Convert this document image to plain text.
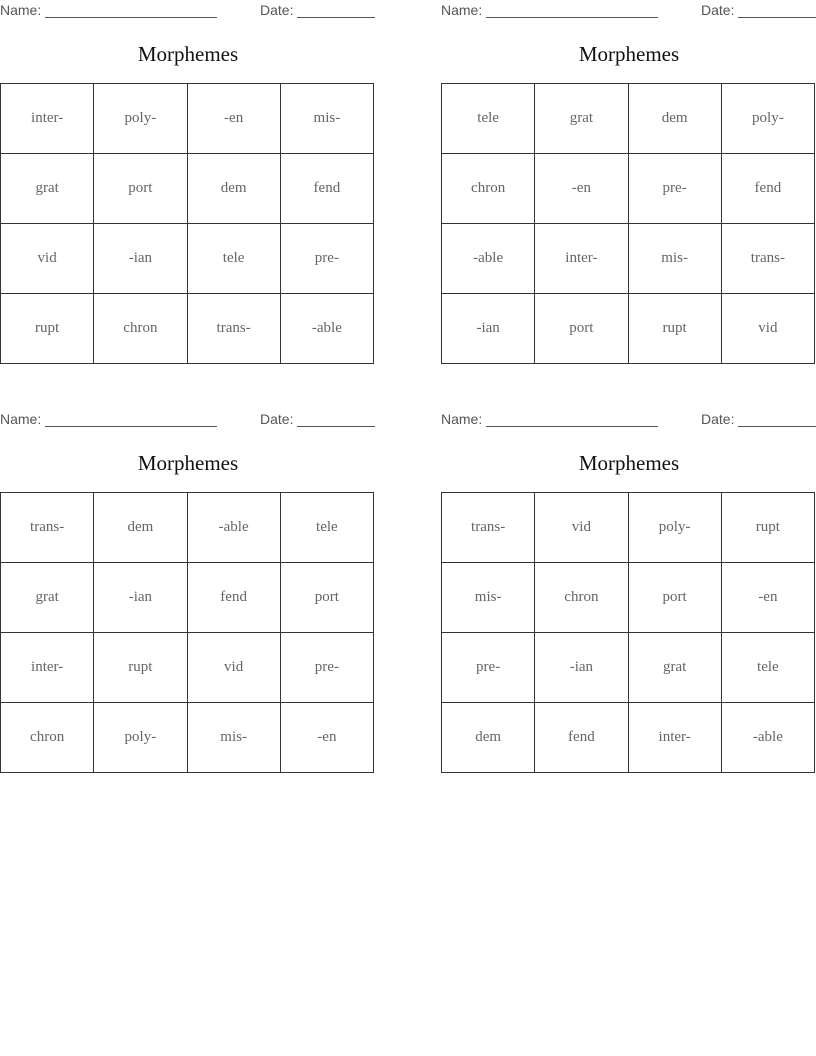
Name:	Date:
Morphemes
inter-	poly-	-en	mis-
grat	port	dem	fend
vid	-ian	tele	pre-
rupt	chron	trans-	-able
Name:	Date:
Morphemes
tele	grat	dem	poly-
chron	-en	pre-	fend
-able	inter-	mis-	trans-
-ian	port	rupt	vid
Name:	Date:
Morphemes
trans-	dem	-able	tele
grat	-ian	fend	port
inter-	rupt	vid	pre-
chron	poly-	mis-	-en
Name:	Date:
Morphemes
trans-	vid	poly-	rupt
mis-	chron	port	-en
pre-	-ian	grat	tele
dem	fend	inter-	-able
